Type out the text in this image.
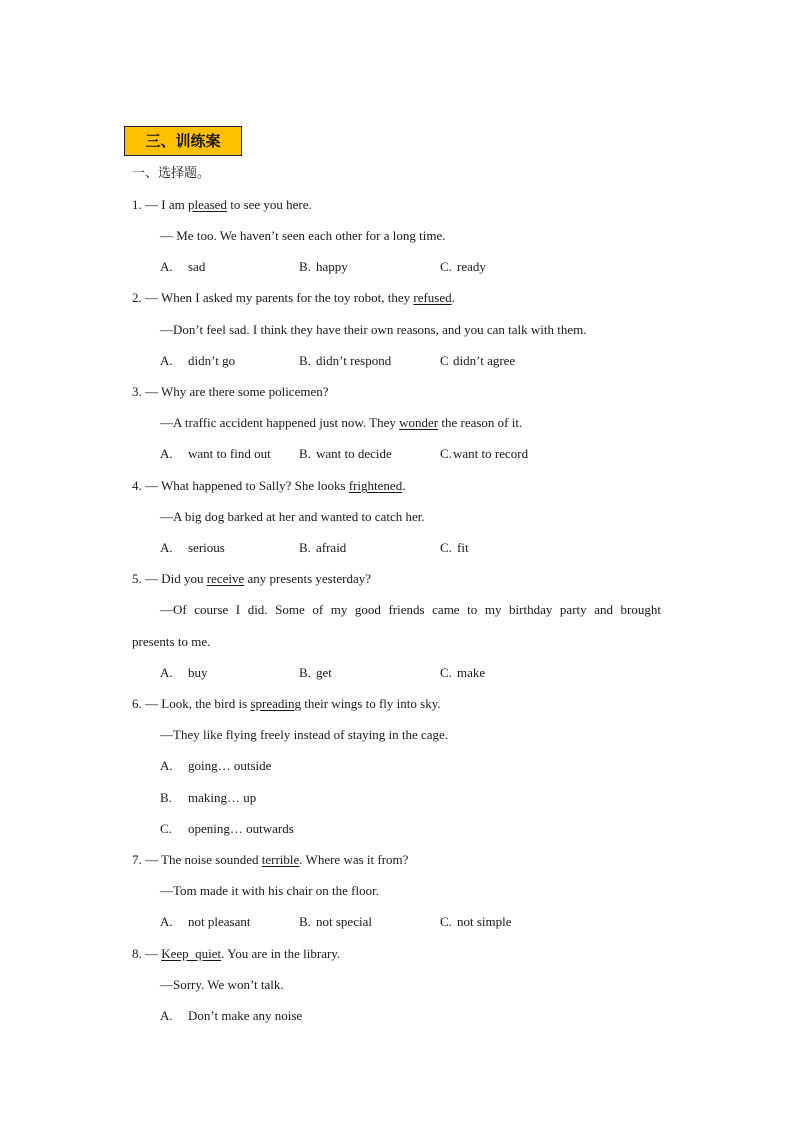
三、训练案
一、选择题。
1. — I am pleased to see you here.
— Me too. We haven’t seen each other for a long time.
A. sad	B. happy	C. ready
2. — When I asked my parents for the toy robot, they refused.
—Don’t feel sad. I think they have their own reasons, and you can talk with them.
A. didn’t go	B. didn’t respond	C didn’t agree
3. — Why are there some policemen?
—A traffic accident happened just now. They wonder the reason of it.
A. want to find out B. want to decide	C. want to record
4. — What happened to Sally? She looks frightened.
—A big dog barked at her and wanted to catch her.
A. serious	B. afraid	C. fit
5. — Did you receive any presents yesterday?
—Of course I did. Some of my good friends came to my birthday party and brought
presents to me.
A. buy	B. get	C. make
6. — Look, the bird is spreading their wings to fly into sky.
—They like flying freely instead of staying in the cage.
A. going… outside
B. making… up
C. opening… outwards
7. — The noise sounded terrible. Where was it from?
—Tom made it with his chair on the floor.
A. not pleasant	B. not special	C. not simple
8. — Keep  quiet. You are in the library.
—Sorry. We won’t talk.
A. Don’t make any noise
